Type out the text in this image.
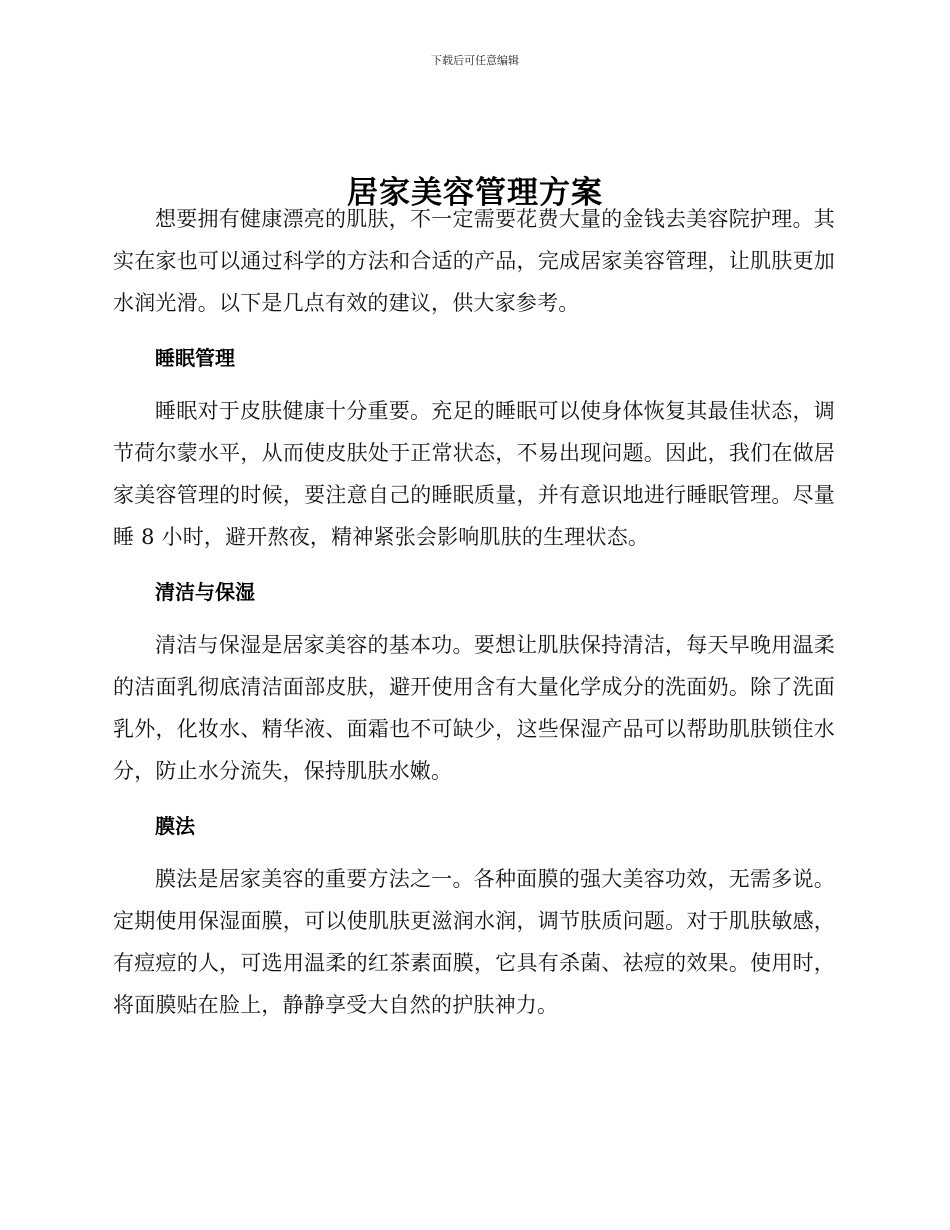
下载后可任意编辑
居家美容管理方案

想要拥有健康漂亮的肌肤，不一定需要花费大量的金钱去美容院护理。其实在家也可以通过科学的方法和合适的产品，完成居家美容管理，让肌肤更加水润光滑。以下是几点有效的建议，供大家参考。

睡眠管理

睡眠对于皮肤健康十分重要。充足的睡眠可以使身体恢复其最佳状态，调节荷尔蒙水平，从而使皮肤处于正常状态，不易出现问题。因此，我们在做居家美容管理的时候，要注意自己的睡眠质量，并有意识地进行睡眠管理。尽量睡 8 小时，避开熬夜，精神紧张会影响肌肤的生理状态。

清洁与保湿

清洁与保湿是居家美容的基本功。要想让肌肤保持清洁，每天早晚用温柔的洁面乳彻底清洁面部皮肤，避开使用含有大量化学成分的洗面奶。除了洗面乳外，化妆水、精华液、面霜也不可缺少，这些保湿产品可以帮助肌肤锁住水分，防止水分流失，保持肌肤水嫩。

膜法

膜法是居家美容的重要方法之一。各种面膜的强大美容功效，无需多说。定期使用保湿面膜，可以使肌肤更滋润水润，调节肤质问题。对于肌肤敏感，有痘痘的人，可选用温柔的红茶素面膜，它具有杀菌、祛痘的效果。使用时，将面膜贴在脸上，静静享受大自然的护肤神力。
